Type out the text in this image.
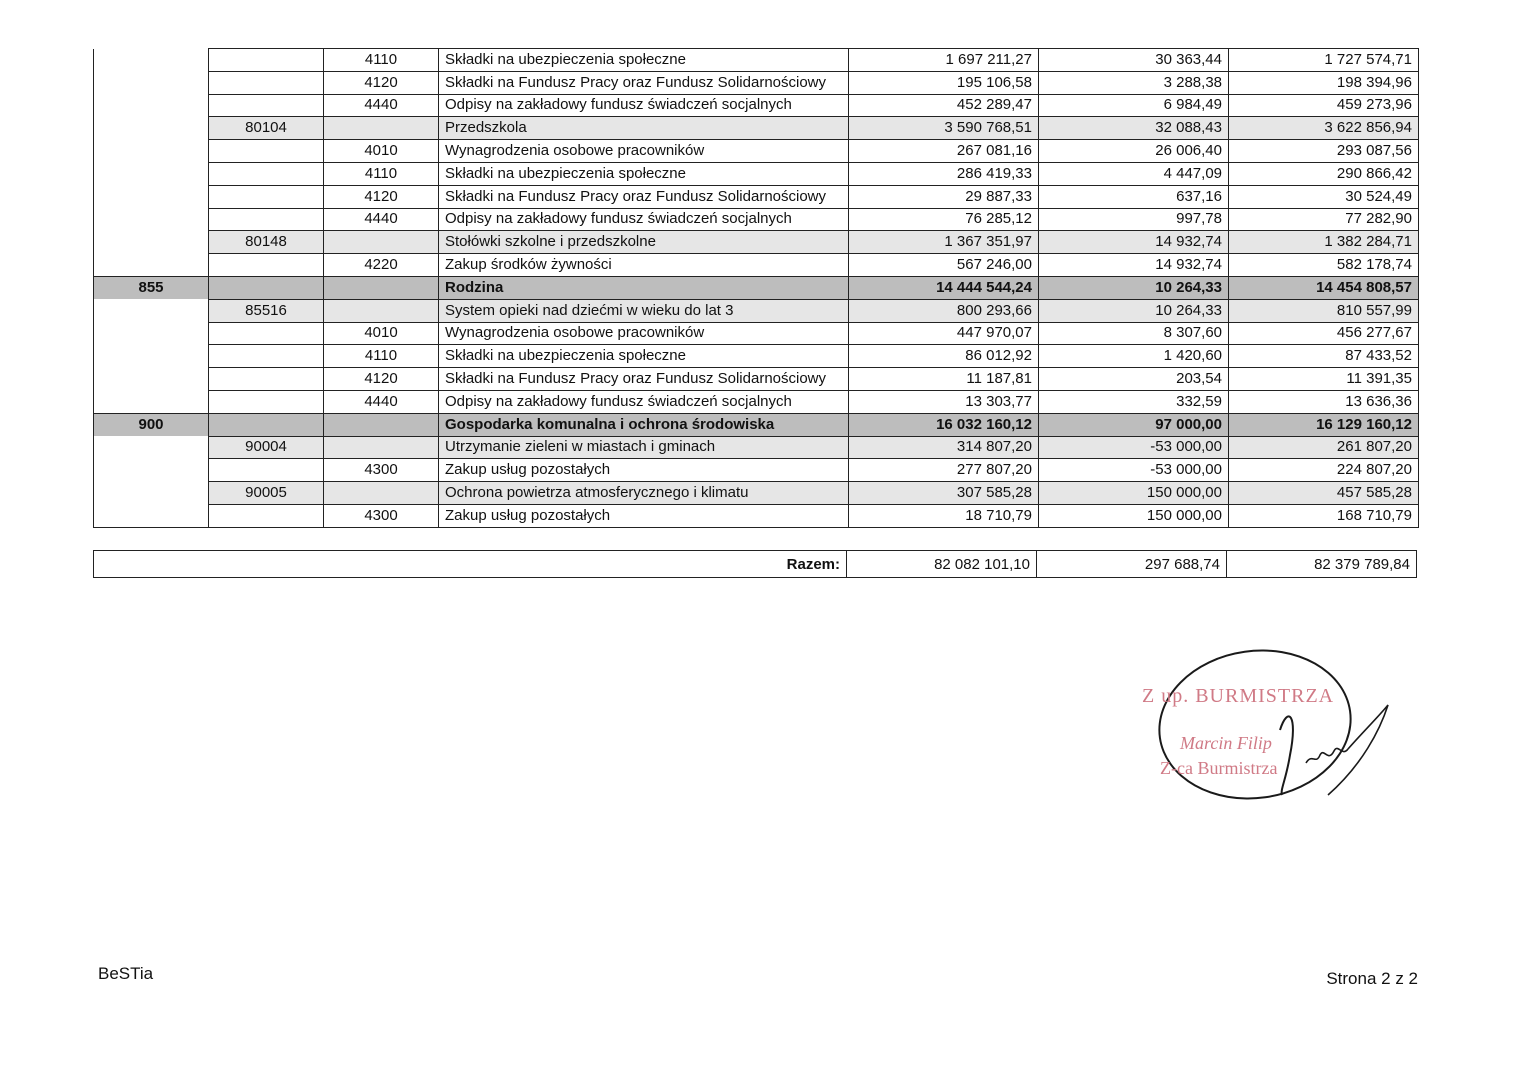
		4110	Składki na ubezpieczenia społeczne	1 697 211,27	30 363,44	1 727 574,71
		4120	Składki na Fundusz Pracy oraz Fundusz Solidarnościowy	195 106,58	3 288,38	198 394,96
		4440	Odpisy na zakładowy fundusz świadczeń socjalnych	452 289,47	6 984,49	459 273,96
	80104		Przedszkola	3 590 768,51	32 088,43	3 622 856,94
		4010	Wynagrodzenia osobowe pracowników	267 081,16	26 006,40	293 087,56
		4110	Składki na ubezpieczenia społeczne	286 419,33	4 447,09	290 866,42
		4120	Składki na Fundusz Pracy oraz Fundusz Solidarnościowy	29 887,33	637,16	30 524,49
		4440	Odpisy na zakładowy fundusz świadczeń socjalnych	76 285,12	997,78	77 282,90
	80148		Stołówki szkolne i przedszkolne	1 367 351,97	14 932,74	1 382 284,71
		4220	Zakup środków żywności	567 246,00	14 932,74	582 178,74
855			Rodzina	14 444 544,24	10 264,33	14 454 808,57
	85516		System opieki nad dziećmi w wieku do lat 3	800 293,66	10 264,33	810 557,99
		4010	Wynagrodzenia osobowe pracowników	447 970,07	8 307,60	456 277,67
		4110	Składki na ubezpieczenia społeczne	86 012,92	1 420,60	87 433,52
		4120	Składki na Fundusz Pracy oraz Fundusz Solidarnościowy	11 187,81	203,54	11 391,35
		4440	Odpisy na zakładowy fundusz świadczeń socjalnych	13 303,77	332,59	13 636,36
900			Gospodarka komunalna i ochrona środowiska	16 032 160,12	97 000,00	16 129 160,12
	90004		Utrzymanie zieleni w miastach i gminach	314 807,20	-53 000,00	261 807,20
		4300	Zakup usług pozostałych	277 807,20	-53 000,00	224 807,20
	90005		Ochrona powietrza atmosferycznego i klimatu	307 585,28	150 000,00	457 585,28
		4300	Zakup usług pozostałych	18 710,79	150 000,00	168 710,79
Razem:	82 082 101,10	297 688,74	82 379 789,84
Z up. BURMISTRZA
Marcin Filip
Z-ca Burmistrza
BeSTia	Strona 2 z 2
